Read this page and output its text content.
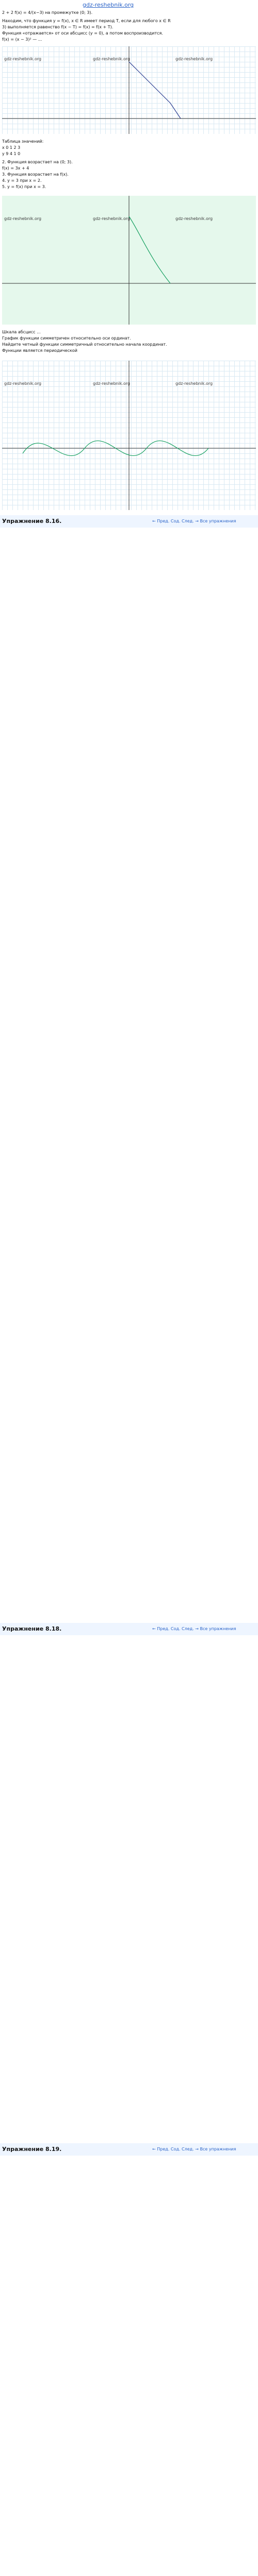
gdz-reshebnik.org
2 + 2 f(x) = 4/(x−3) на промежутке (0; 3).
Находим, что функция y = f(x), x ∈ R имеет период T, если для любого x ∈ R
3) выполняется равенство f(x − T) = f(x) = f(x + T).
Функция «отражается» от оси абсцисс (y = 0), а потом воспроизводится.
f(x) = (x − 3)² — ...
Таблица значений:
x 0 1 2 3
y 9 4 1 0
2. Функция возрастает на (0; 3).
f(x) = 3x + 4
3. Функция возрастает на f(x).
4. y = 3 при x = 2.
5. y = f(x) при x = 3.
Шкала абсцисс ...
График функции симметричен относительно оси ординат.
Найдите четный функции симметричный относительно начала координат.
Функции является периодической
Упражнение 8.16.	← Пред. Сод. След. → Все упражнения
Упражнение 8.18.	← Пред. Сод. След. → Все упражнения
Упражнение 8.19.	← Пред. Сод. След. → Все упражнения
gdz-reshebnik.org	gdz-reshebnik.org	gdz-reshebnik.org
gdz-reshebnik.org	gdz-reshebnik.org	gdz-reshebnik.org
gdz-reshebnik.org	gdz-reshebnik.org	gdz-reshebnik.org
